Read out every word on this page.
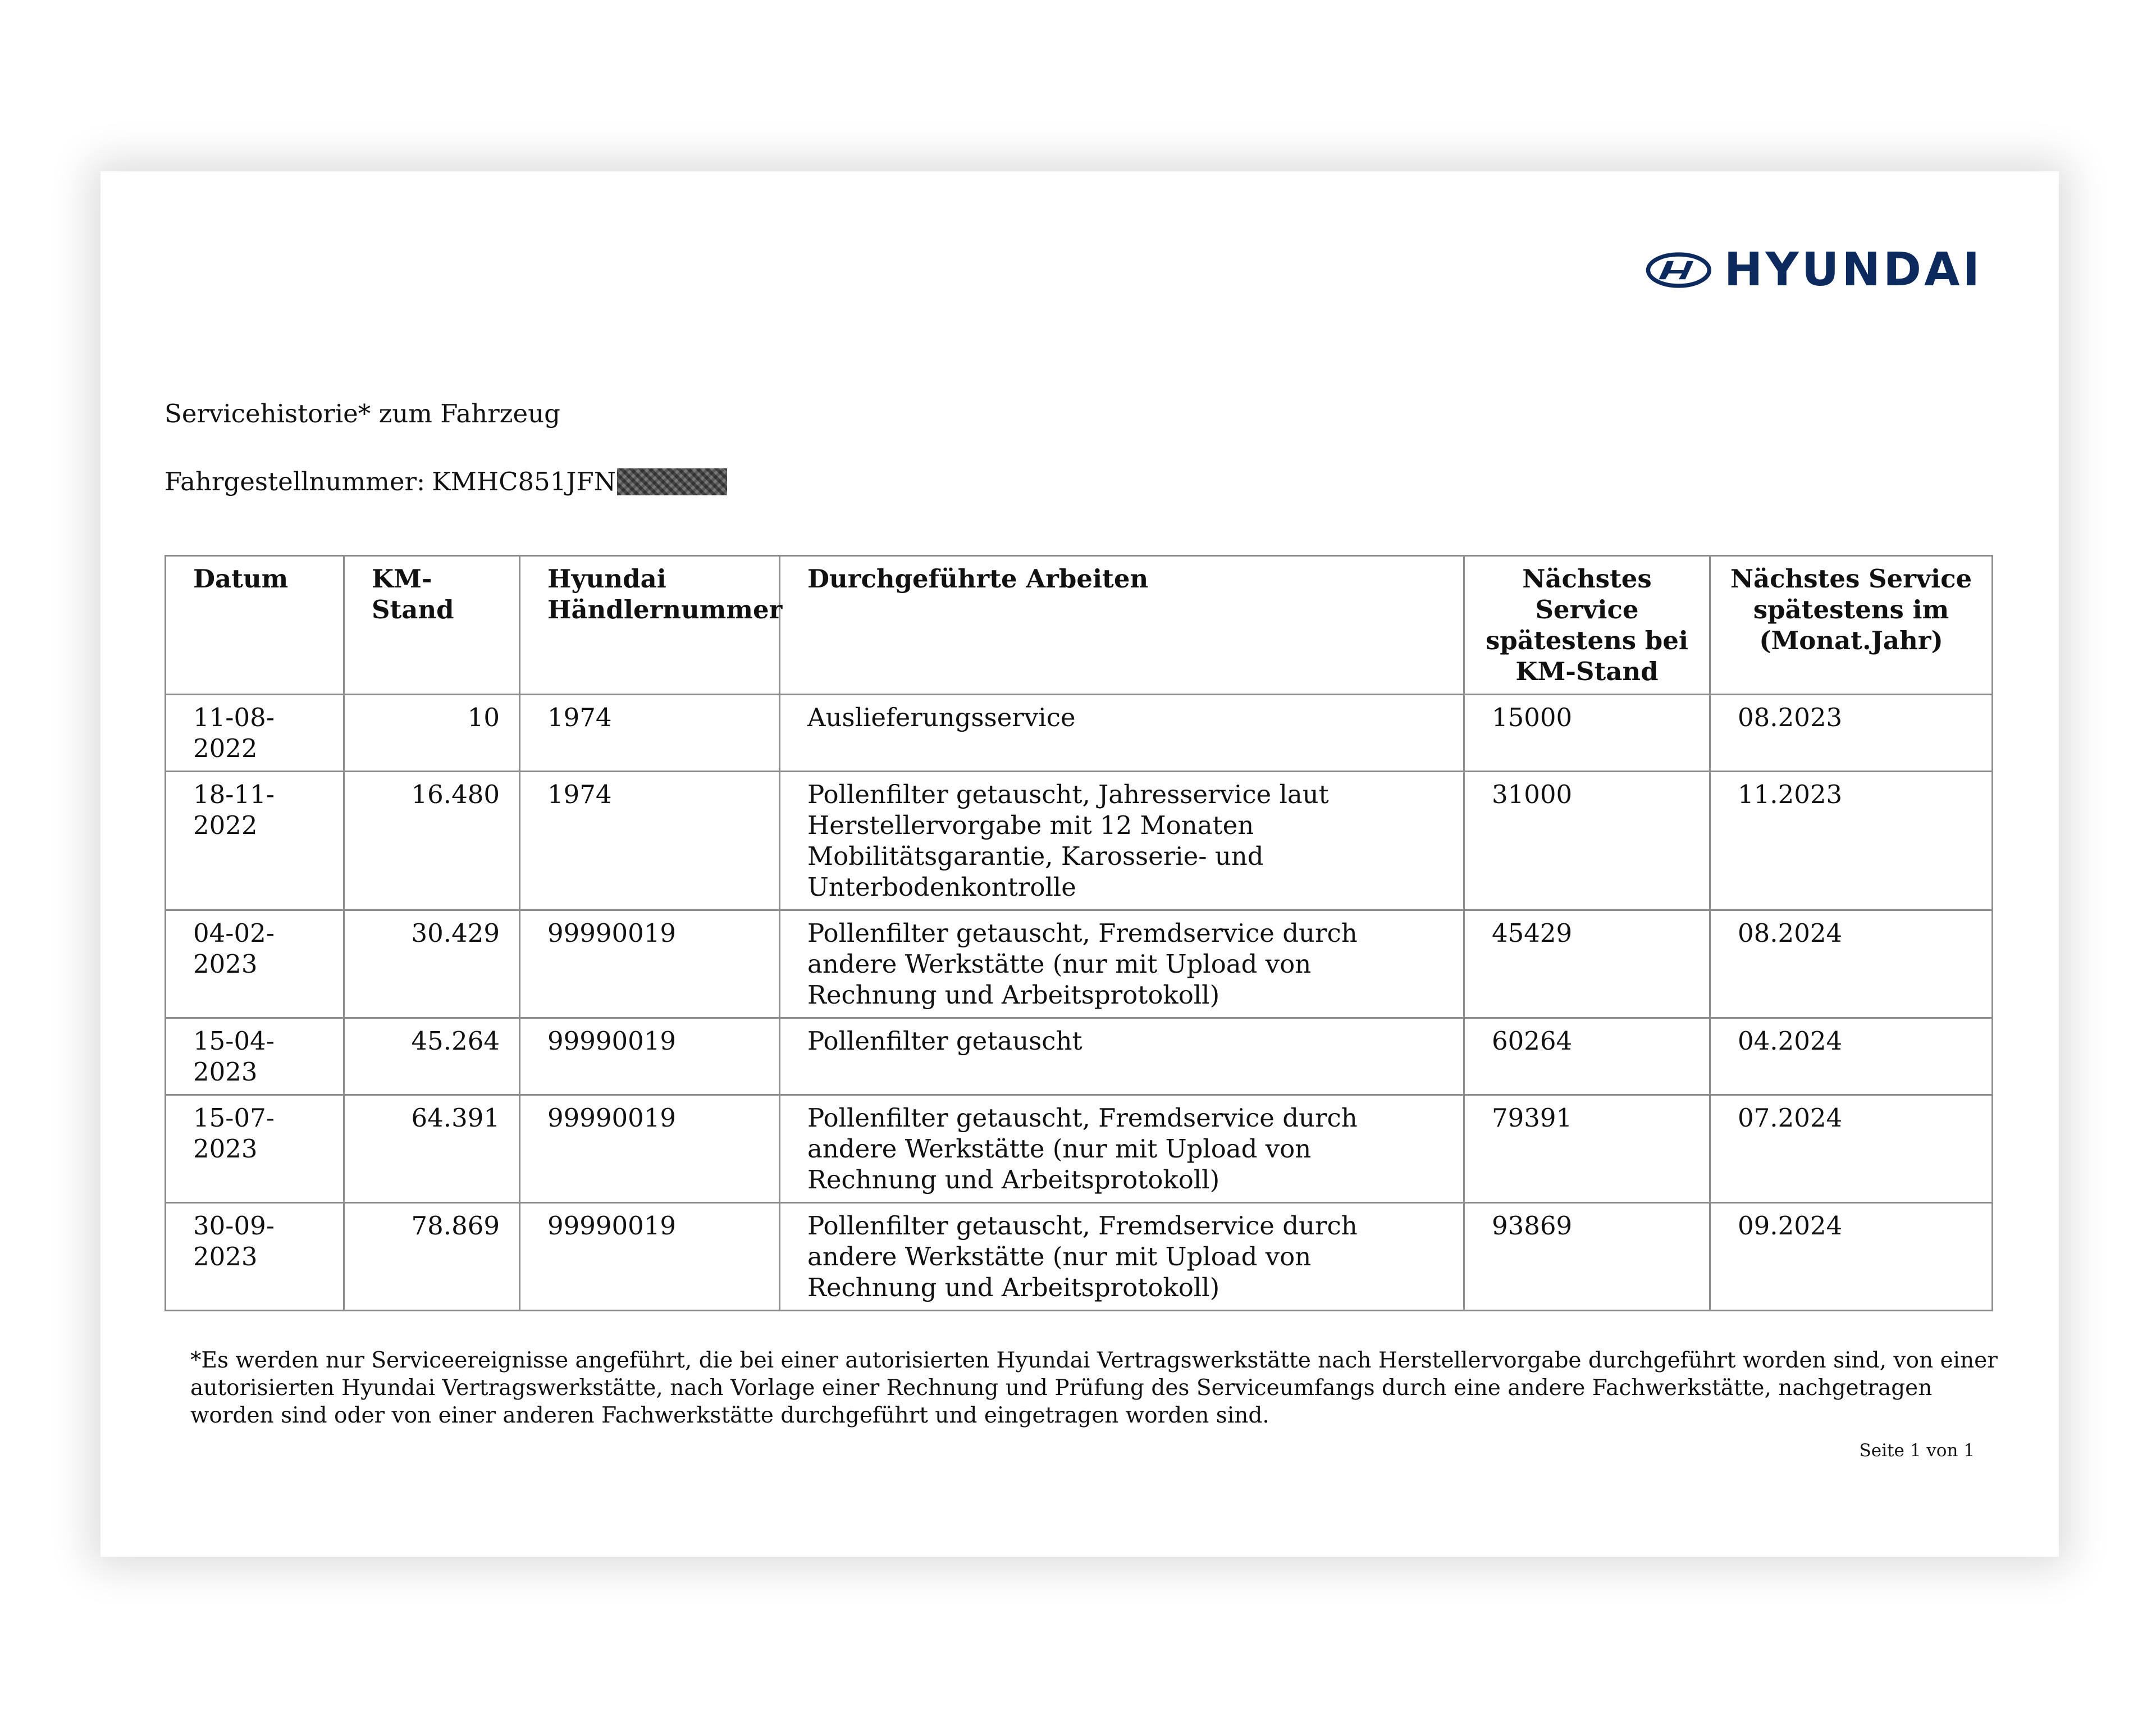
HYUNDAI
Servicehistorie* zum Fahrzeug
Fahrgestellnummer: KMHC851JFN
Datum	KM-Stand	Hyundai Händlernummer	Durchgeführte Arbeiten	Nächstes Service spätestens bei KM-Stand	Nächstes Service spätestens im (Monat.Jahr)
11-08-2022	10	1974	Auslieferungsservice	15000	08.2023
18-11-2022	16.480	1974	Pollenfilter getauscht, Jahresservice laut Herstellervorgabe mit 12 Monaten Mobilitätsgarantie, Karosserie- und Unterbodenkontrolle	31000	11.2023
04-02-2023	30.429	99990019	Pollenfilter getauscht, Fremdservice durch andere Werkstätte (nur mit Upload von Rechnung und Arbeitsprotokoll)	45429	08.2024
15-04-2023	45.264	99990019	Pollenfilter getauscht	60264	04.2024
15-07-2023	64.391	99990019	Pollenfilter getauscht, Fremdservice durch andere Werkstätte (nur mit Upload von Rechnung und Arbeitsprotokoll)	79391	07.2024
30-09-2023	78.869	99990019	Pollenfilter getauscht, Fremdservice durch andere Werkstätte (nur mit Upload von Rechnung und Arbeitsprotokoll)	93869	09.2024
*Es werden nur Serviceereignisse angeführt, die bei einer autorisierten Hyundai Vertragswerkstätte nach Herstellervorgabe durchgeführt worden sind, von einer autorisierten Hyundai Vertragswerkstätte, nach Vorlage einer Rechnung und Prüfung des Serviceumfangs durch eine andere Fachwerkstätte, nachgetragen worden sind oder von einer anderen Fachwerkstätte durchgeführt und eingetragen worden sind.
Seite 1 von 1
